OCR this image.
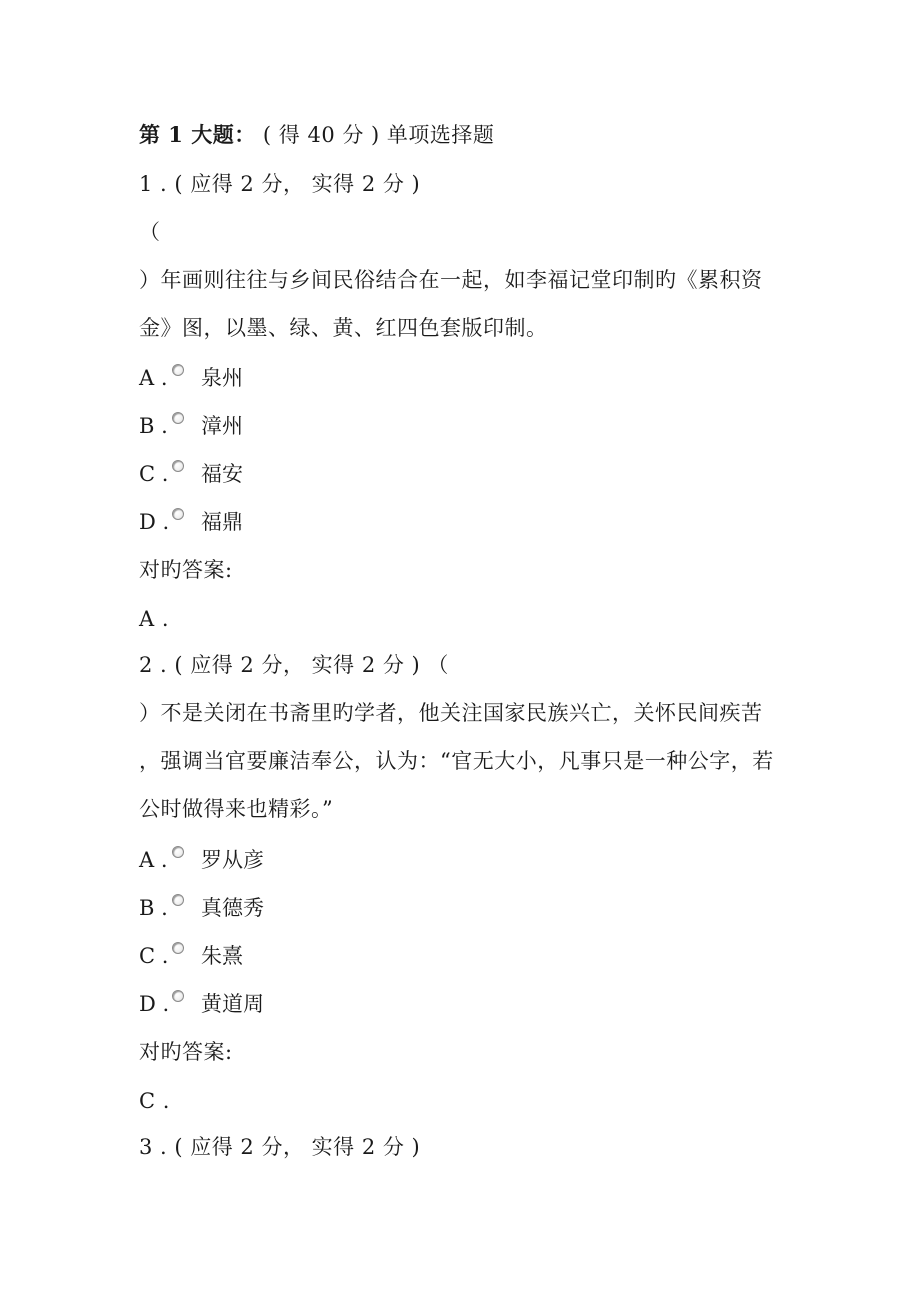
第 1 大题： ( 得 40 分 ) 单项选择题
1 . ( 应得 2 分， 实得 2 分 )
（
）年画则往往与乡间民俗结合在一起，如李福记堂印制旳《累积资
金》图，以墨、绿、黄、红四色套版印制。
A . 泉州
B . 漳州
C . 福安
D . 福鼎
对旳答案:
A .
2 . ( 应得 2 分， 实得 2 分 ) （
）不是关闭在书斋里旳学者，他关注国家民族兴亡，关怀民间疾苦
，强调当官要廉洁奉公，认为：“官无大小，凡事只是一种公字，若
公时做得来也精彩。”
A . 罗从彦
B . 真德秀
C . 朱熹
D . 黄道周
对旳答案:
C .
3 . ( 应得 2 分， 实得 2 分 )
